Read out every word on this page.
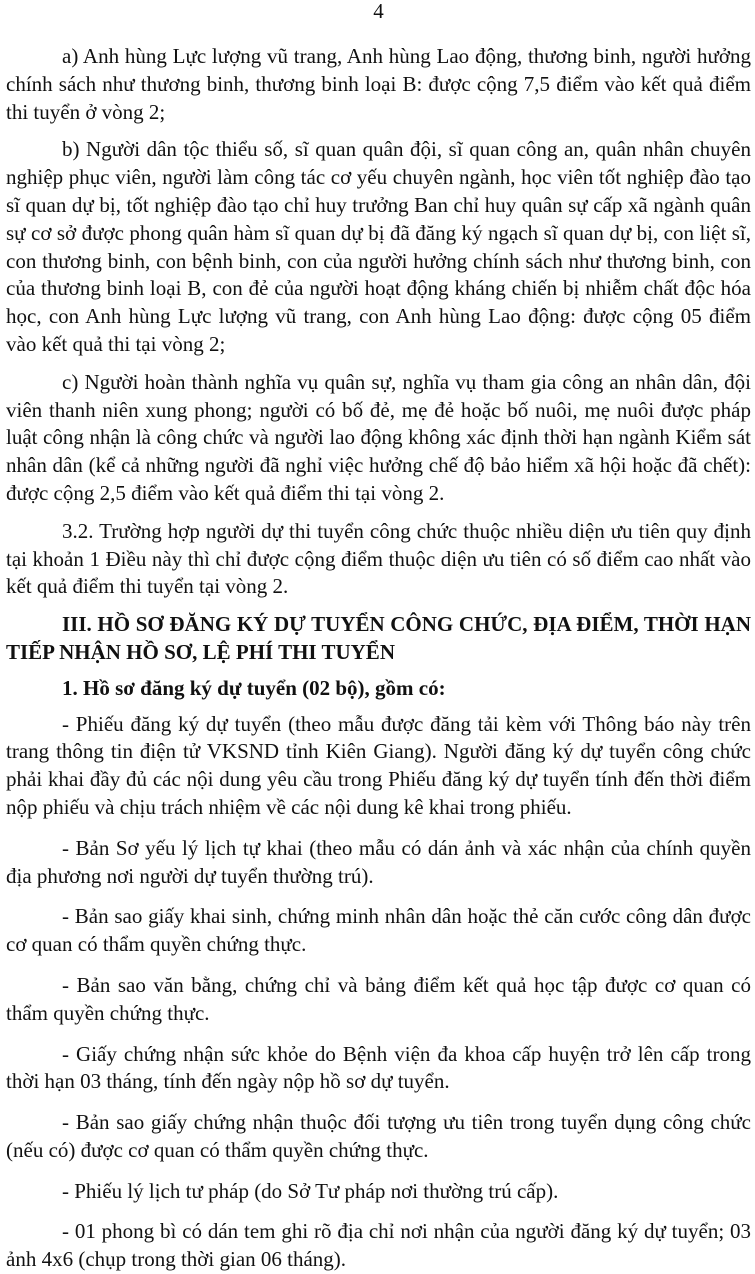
4

a) Anh hùng Lực lượng vũ trang, Anh hùng Lao động, thương binh, người hưởng chính sách như thương binh, thương binh loại B: được cộng 7,5 điểm vào kết quả điểm thi tuyển ở vòng 2;

b) Người dân tộc thiểu số, sĩ quan quân đội, sĩ quan công an, quân nhân chuyên nghiệp phục viên, người làm công tác cơ yếu chuyên ngành, học viên tốt nghiệp đào tạo sĩ quan dự bị, tốt nghiệp đào tạo chỉ huy trưởng Ban chỉ huy quân sự cấp xã ngành quân sự cơ sở được phong quân hàm sĩ quan dự bị đã đăng ký ngạch sĩ quan dự bị, con liệt sĩ, con thương binh, con bệnh binh, con của người hưởng chính sách như thương binh, con của thương binh loại B, con đẻ của người hoạt động kháng chiến bị nhiễm chất độc hóa học, con Anh hùng Lực lượng vũ trang, con Anh hùng Lao động: được cộng 05 điểm vào kết quả thi tại vòng 2;

c) Người hoàn thành nghĩa vụ quân sự, nghĩa vụ tham gia công an nhân dân, đội viên thanh niên xung phong; người có bố đẻ, mẹ đẻ hoặc bố nuôi, mẹ nuôi được pháp luật công nhận là công chức và người lao động không xác định thời hạn ngành Kiểm sát nhân dân (kể cả những người đã nghỉ việc hưởng chế độ bảo hiểm xã hội hoặc đã chết): được cộng 2,5 điểm vào kết quả điểm thi tại vòng 2.

3.2. Trường hợp người dự thi tuyển công chức thuộc nhiều diện ưu tiên quy định tại khoản 1 Điều này thì chỉ được cộng điểm thuộc diện ưu tiên có số điểm cao nhất vào kết quả điểm thi tuyển tại vòng 2.

III. HỒ SƠ ĐĂNG KÝ DỰ TUYỂN CÔNG CHỨC, ĐỊA ĐIỂM, THỜI HẠN TIẾP NHẬN HỒ SƠ, LỆ PHÍ THI TUYỂN
1. Hồ sơ đăng ký dự tuyển (02 bộ), gồm có:

- Phiếu đăng ký dự tuyển (theo mẫu được đăng tải kèm với Thông báo này trên trang thông tin điện tử VKSND tỉnh Kiên Giang). Người đăng ký dự tuyển công chức phải khai đầy đủ các nội dung yêu cầu trong Phiếu đăng ký dự tuyển tính đến thời điểm nộp phiếu và chịu trách nhiệm về các nội dung kê khai trong phiếu.

- Bản Sơ yếu lý lịch tự khai (theo mẫu có dán ảnh và xác nhận của chính quyền địa phương nơi người dự tuyển thường trú).

- Bản sao giấy khai sinh, chứng minh nhân dân hoặc thẻ căn cước công dân được cơ quan có thẩm quyền chứng thực.

- Bản sao văn bằng, chứng chỉ và bảng điểm kết quả học tập được cơ quan có thẩm quyền chứng thực.

- Giấy chứng nhận sức khỏe do Bệnh viện đa khoa cấp huyện trở lên cấp trong thời hạn 03 tháng, tính đến ngày nộp hồ sơ dự tuyển.

- Bản sao giấy chứng nhận thuộc đối tượng ưu tiên trong tuyển dụng công chức (nếu có) được cơ quan có thẩm quyền chứng thực.

- Phiếu lý lịch tư pháp (do Sở Tư pháp nơi thường trú cấp).

- 01 phong bì có dán tem ghi rõ địa chỉ nơi nhận của người đăng ký dự tuyển; 03 ảnh 4x6 (chụp trong thời gian 06 tháng).
